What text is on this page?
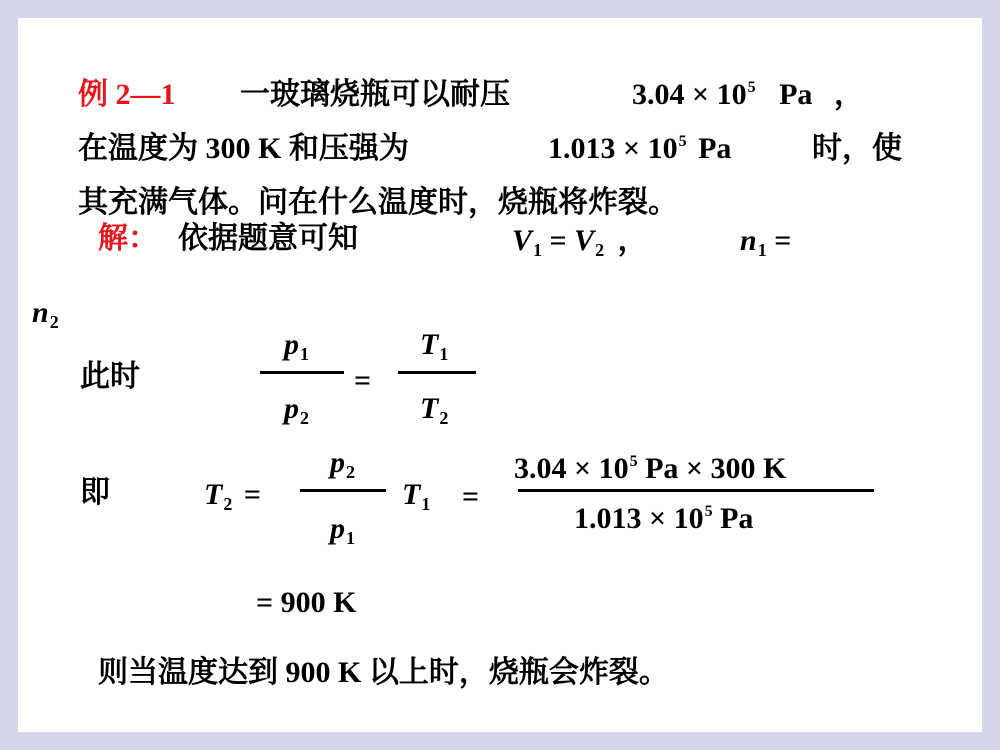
例 2—1 一玻璃烧瓶可以耐压	$3.04 \times 10^5$ Pa ，
在温度为 300 K 和压强为	$1.013 \times 10^5$ Pa	时，使
其充满气体。问在什么温度时，烧瓶将炸裂。
解： 依据题意可知	$V_1 = V_2$ ，	$n_1$ =
$n_2$
此时
$p_1$
$p_2$
=
$T_1$
$T_2$
即	$T_2$ =
$p_2$
$p_1$
$T_1$ =
$3.04 \times 10^5$ Pa × 300 K
$1.013 \times 10^5$ Pa
= 900 K
则当温度达到 900 K 以上时，烧瓶会炸裂。
